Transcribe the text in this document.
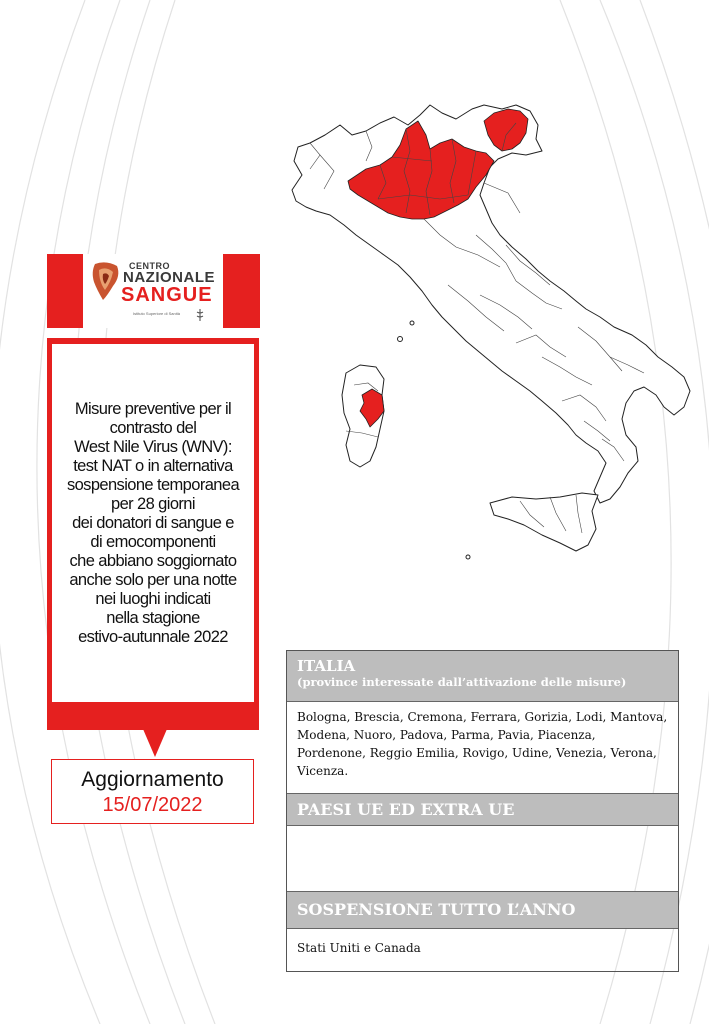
CENTRO
NAZIONALE
SANGUE
Istituto Superiore di Sanità
Misure preventive per il
contrasto del
West Nile Virus (WNV):
test NAT o in alternativa
sospensione temporanea
per 28 giorni
dei donatori di sangue e
di emocomponenti
che abbiano soggiornato
anche solo per una notte
nei luoghi indicati
nella stagione
estivo-autunnale 2022
Aggiornamento
15/07/2022
ITALIA
(province interessate dall’attivazione delle misure)
Bologna, Brescia, Cremona, Ferrara, Gorizia, Lodi, Mantova, Modena, Nuoro, Padova, Parma, Pavia, Piacenza, Pordenone, Reggio Emilia, Rovigo, Udine, Venezia, Verona, Vicenza.
PAESI UE ED EXTRA UE
SOSPENSIONE TUTTO L’ANNO
Stati Uniti e Canada
